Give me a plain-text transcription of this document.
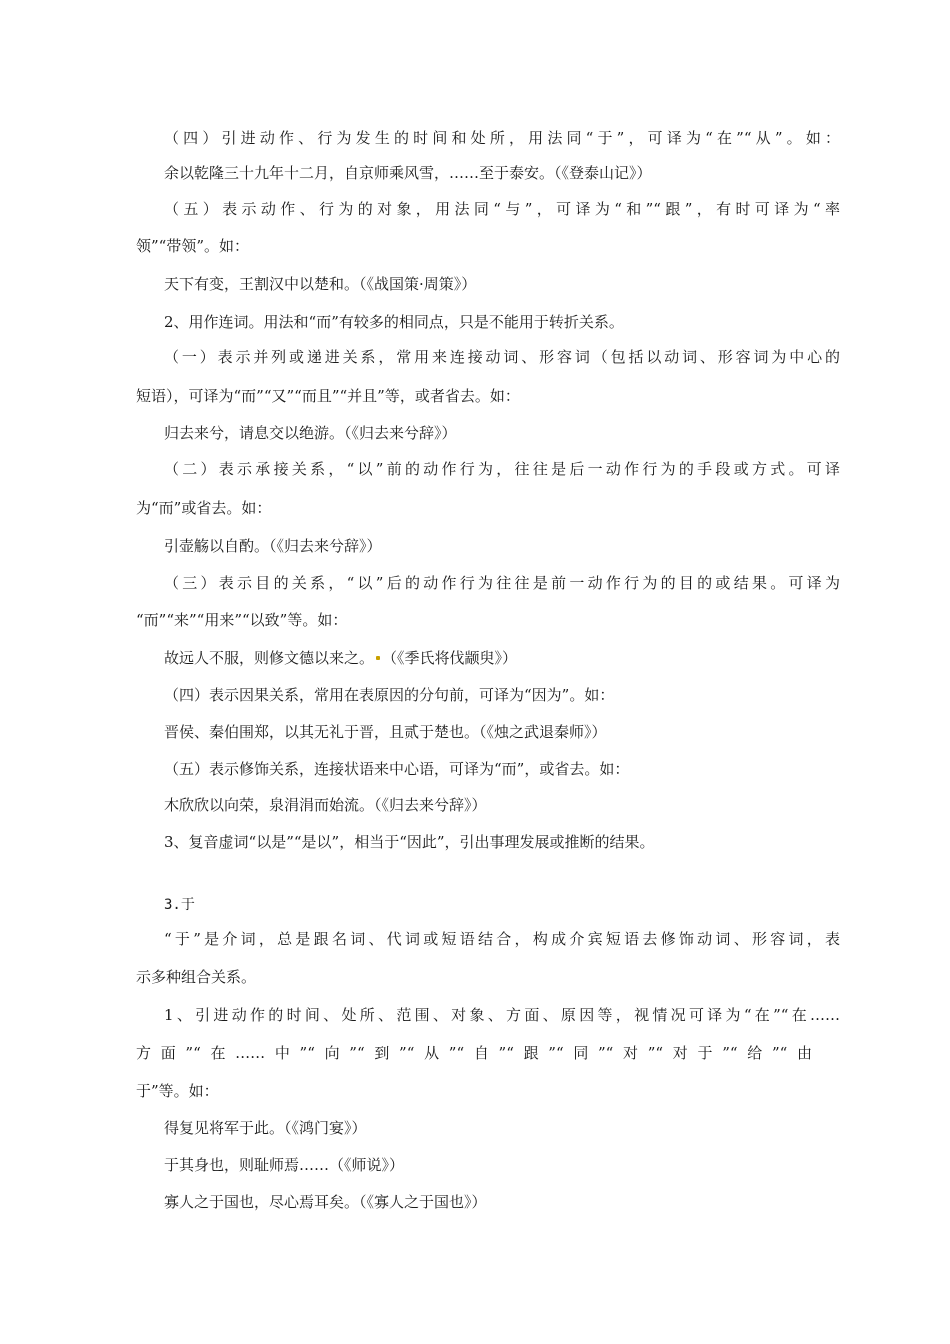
（四）引进动作、行为发生的时间和处所，用法同“于”，可译为“在”“从”。如：
余以乾隆三十九年十二月，自京师乘风雪，……至于泰安。（《登泰山记》）
（五）表示动作、行为的对象，用法同“与”，可译为“和”“跟”，有时可译为“率
领”“带领”。如：
天下有变，王割汉中以楚和。（《战国策·周策》）
2、用作连词。用法和“而”有较多的相同点，只是不能用于转折关系。
（一）表示并列或递进关系，常用来连接动词、形容词（包括以动词、形容词为中心的
短语），可译为“而”“又”“而且”“并且”等，或者省去。如：
归去来兮，请息交以绝游。（《归去来兮辞》）
（二）表示承接关系，“以”前的动作行为，往往是后一动作行为的手段或方式。可译
为“而”或省去。如：
引壶觞以自酌。（《归去来兮辞》）
（三）表示目的关系，“以”后的动作行为往往是前一动作行为的目的或结果。可译为
“而”“来”“用来”“以致”等。如：
故远人不服，则修文德以来之。 （《季氏将伐颛臾》）
（四）表示因果关系，常用在表原因的分句前，可译为“因为”。如：
晋侯、秦伯围郑，以其无礼于晋，且贰于楚也。（《烛之武退秦师》）
（五）表示修饰关系，连接状语来中心语，可译为“而”，或省去。如：
木欣欣以向荣，泉涓涓而始流。（《归去来兮辞》）
3、复音虚词“以是”“是以”，相当于“因此”，引出事理发展或推断的结果。
3.于
“于”是介词，总是跟名词、代词或短语结合，构成介宾短语去修饰动词、形容词，表
示多种组合关系。
1、引进动作的时间、处所、范围、对象、方面、原因等，视情况可译为“在”“在……
方面”“在……中”“向”“到”“从”“自”“跟”“同”“对”“对于”“给”“由
于”等。如：
得复见将军于此。（《鸿门宴》）
于其身也，则耻师焉……（《师说》）
寡人之于国也，尽心焉耳矣。（《寡人之于国也》）
